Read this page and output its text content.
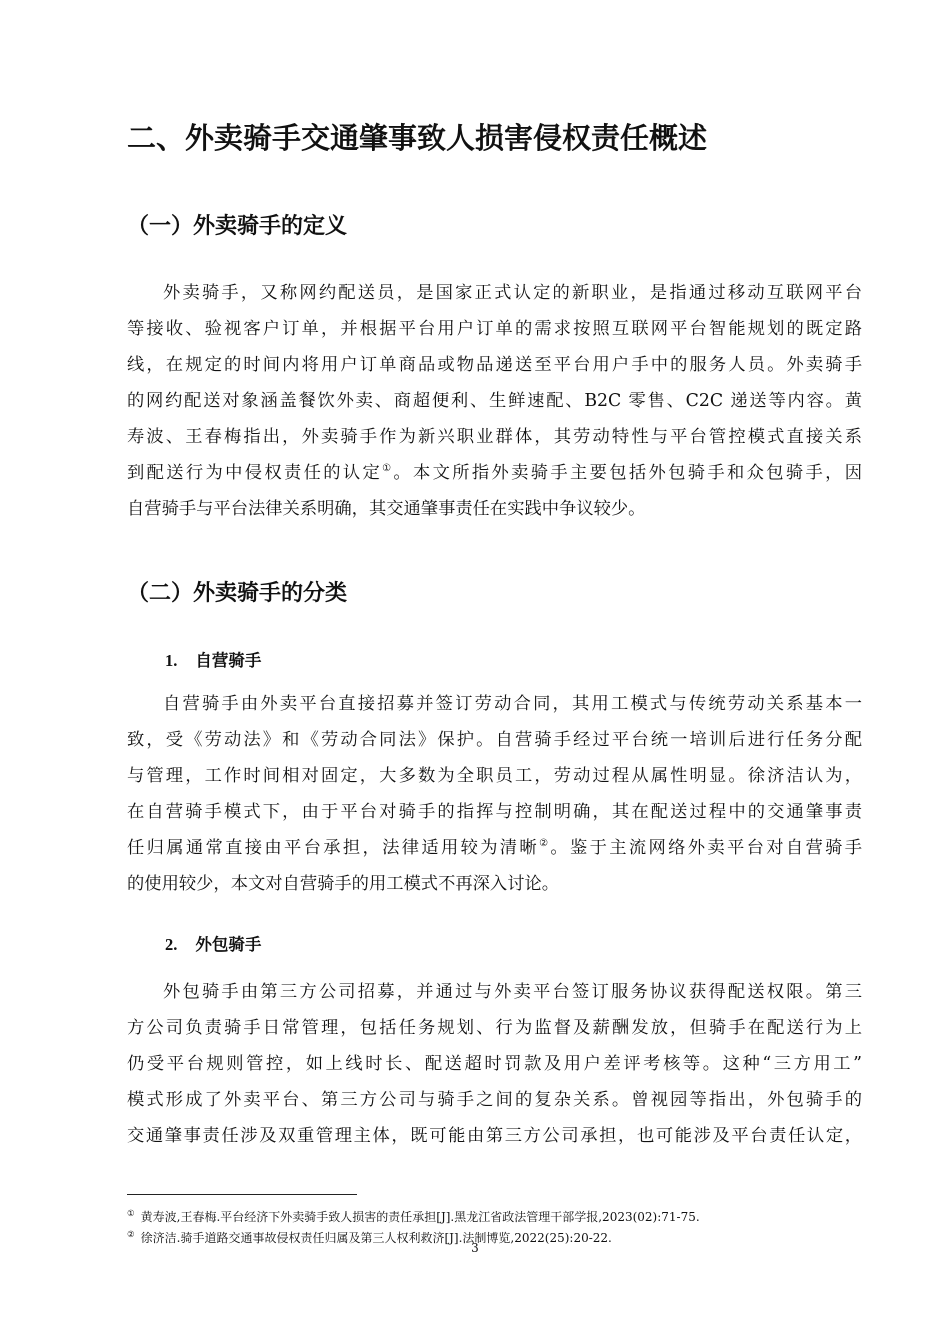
二、外卖骑手交通肇事致人损害侵权责任概述
（一）外卖骑手的定义
外卖骑手，又称网约配送员，是国家正式认定的新职业，是指通过移动互联网平台
等接收、验视客户订单，并根据平台用户订单的需求按照互联网平台智能规划的既定路
线，在规定的时间内将用户订单商品或物品递送至平台用户手中的服务人员。外卖骑手
的网约配送对象涵盖餐饮外卖、商超便利、生鲜速配、B2C 零售、C2C 递送等内容。黄
寿波、王春梅指出，外卖骑手作为新兴职业群体，其劳动特性与平台管控模式直接关系
到配送行为中侵权责任的认定①。本文所指外卖骑手主要包括外包骑手和众包骑手，因
自营骑手与平台法律关系明确，其交通肇事责任在实践中争议较少。
（二）外卖骑手的分类
1. 自营骑手
自营骑手由外卖平台直接招募并签订劳动合同，其用工模式与传统劳动关系基本一
致，受《劳动法》和《劳动合同法》保护。自营骑手经过平台统一培训后进行任务分配
与管理，工作时间相对固定，大多数为全职员工，劳动过程从属性明显。徐济洁认为，
在自营骑手模式下，由于平台对骑手的指挥与控制明确，其在配送过程中的交通肇事责
任归属通常直接由平台承担，法律适用较为清晰②。鉴于主流网络外卖平台对自营骑手
的使用较少，本文对自营骑手的用工模式不再深入讨论。
2. 外包骑手
外包骑手由第三方公司招募，并通过与外卖平台签订服务协议获得配送权限。第三
方公司负责骑手日常管理，包括任务规划、行为监督及薪酬发放，但骑手在配送行为上
仍受平台规则管控，如上线时长、配送超时罚款及用户差评考核等。这种“三方用工”
模式形成了外卖平台、第三方公司与骑手之间的复杂关系。曾视园等指出，外包骑手的
交通肇事责任涉及双重管理主体，既可能由第三方公司承担，也可能涉及平台责任认定，
① 黄寿波,王春梅.平台经济下外卖骑手致人损害的责任承担[J].黑龙江省政法管理干部学报,2023(02):71-75.
② 徐济洁.骑手道路交通事故侵权责任归属及第三人权利救济[J].法制博览,2022(25):20-22.
3
